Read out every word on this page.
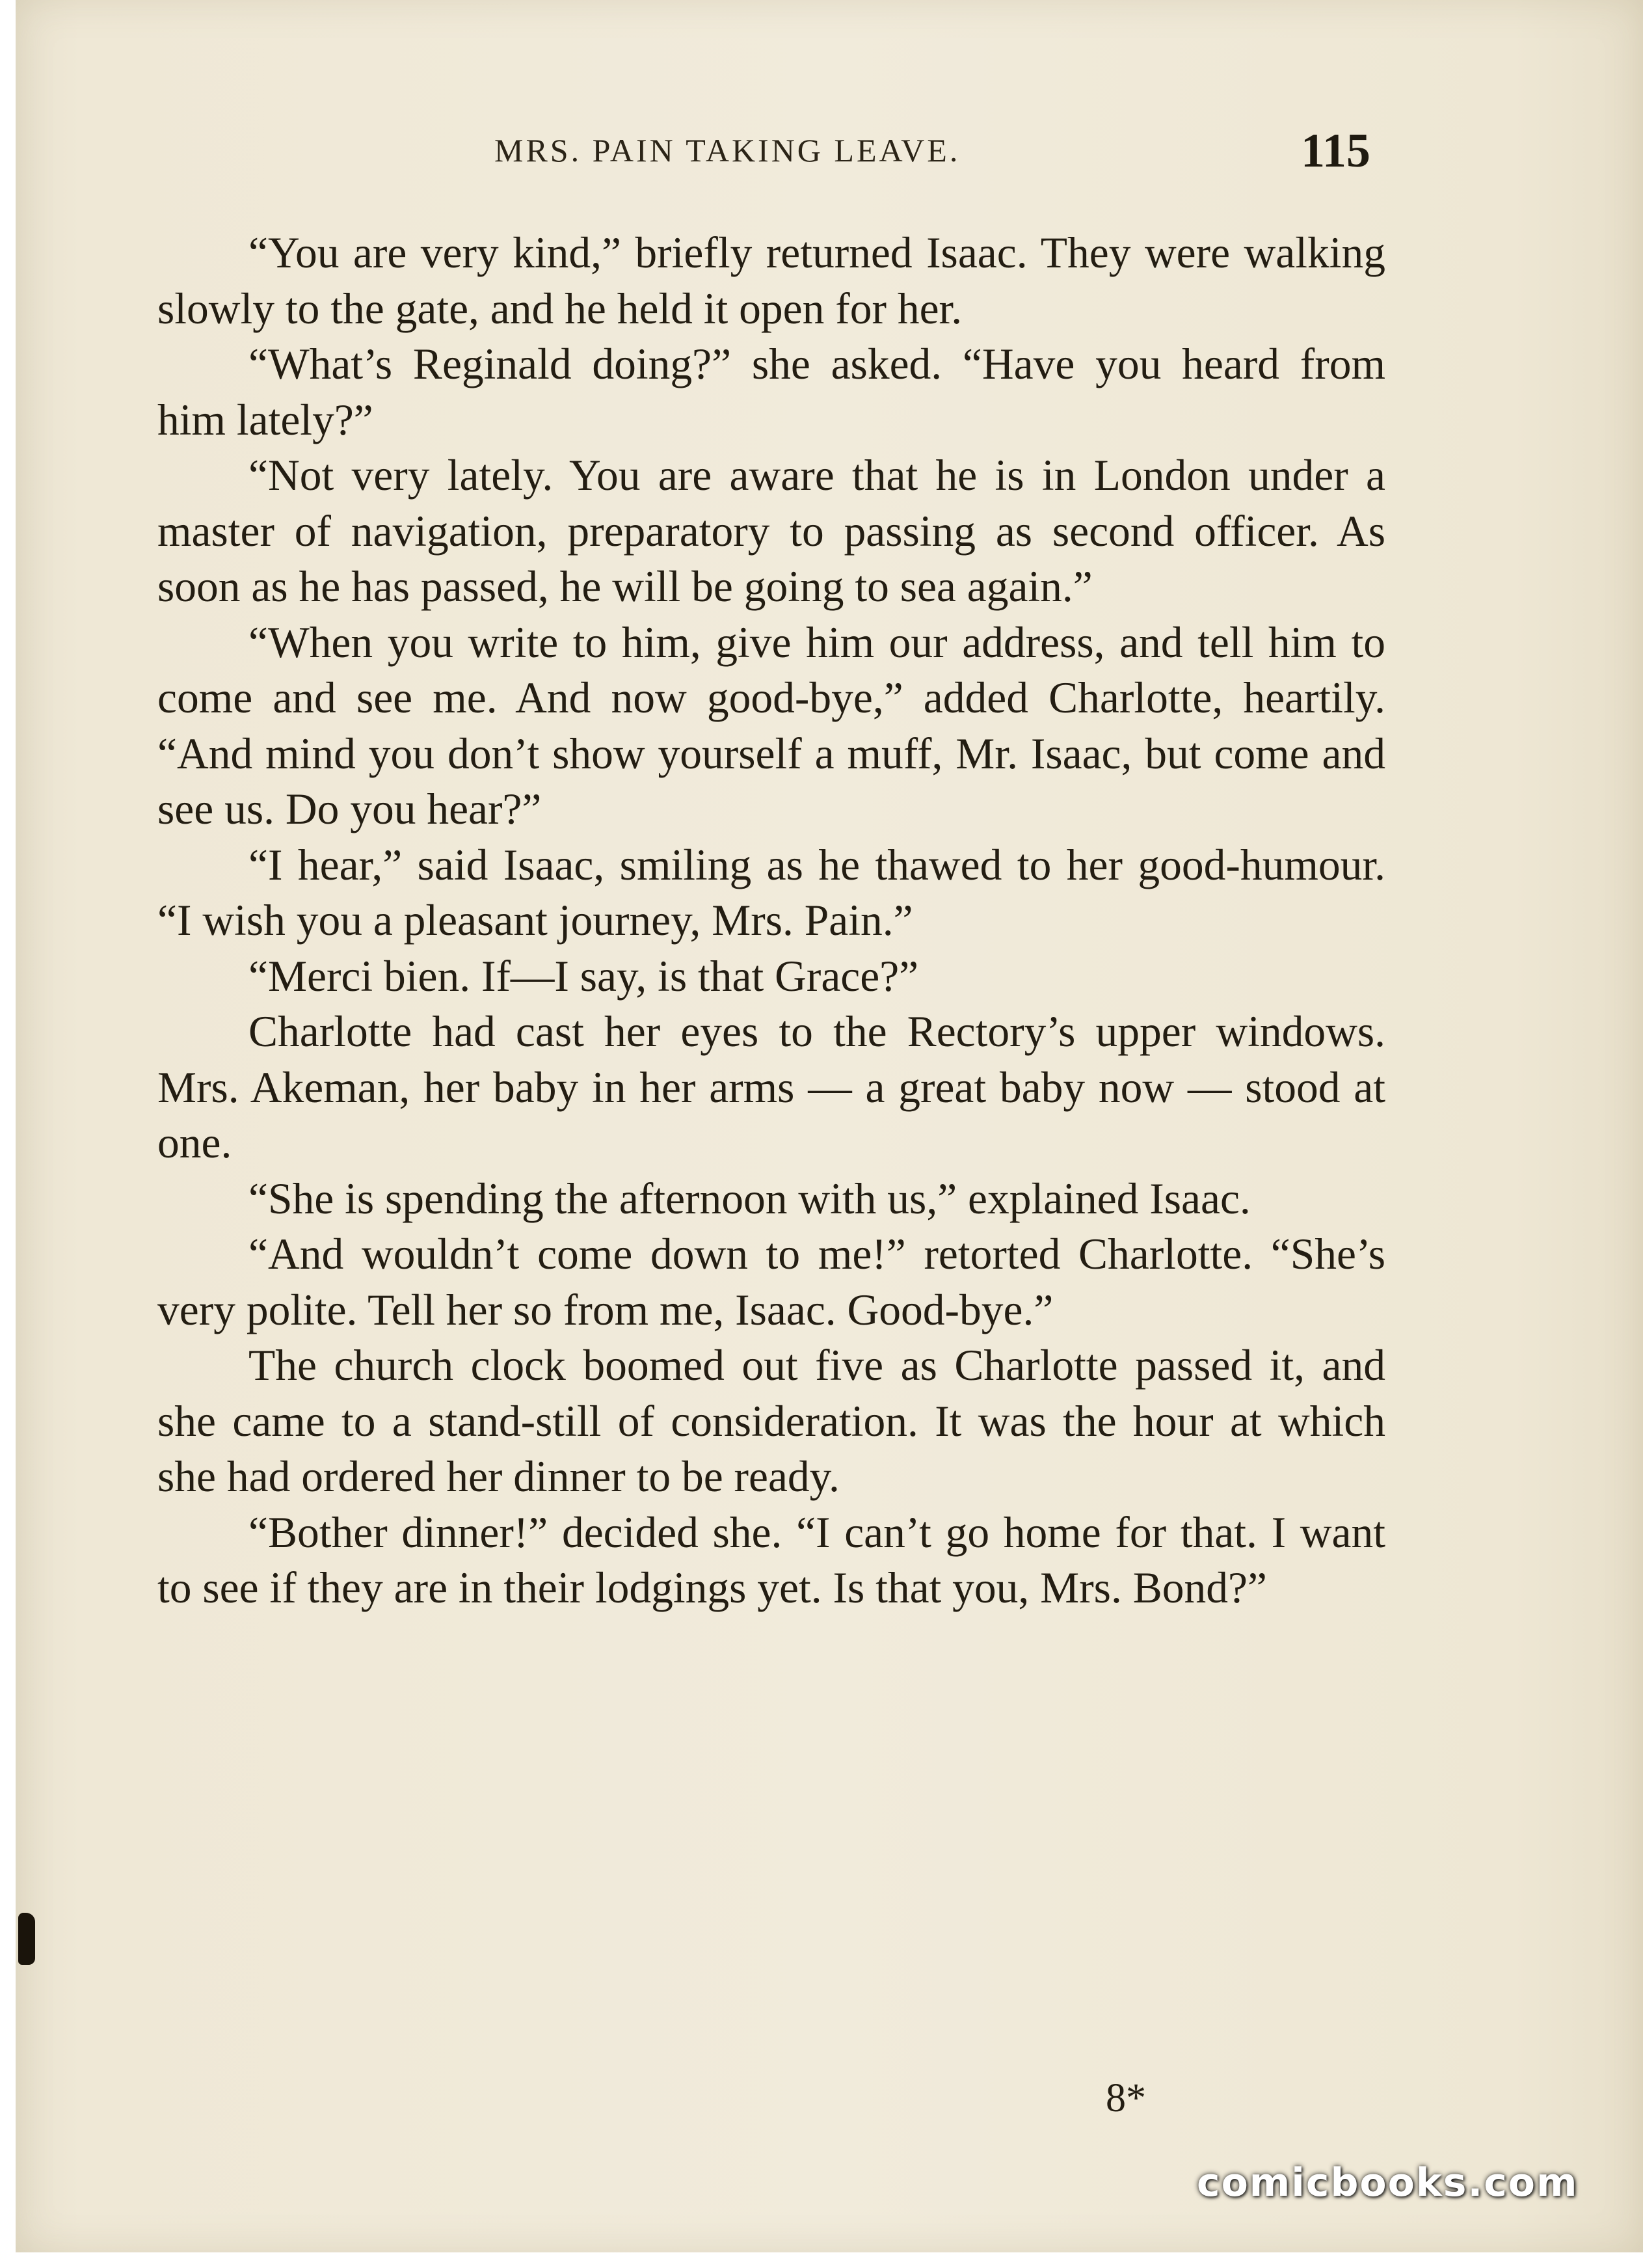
MRS. PAIN TAKING LEAVE.	115

“You are very kind,” briefly returned Isaac. They were walking slowly to the gate, and he held it open for her.

“What’s Reginald doing?” she asked. “Have you heard from him lately?”

“Not very lately. You are aware that he is in London under a master of navigation, preparatory to passing as second officer. As soon as he has passed, he will be going to sea again.”

“When you write to him, give him our address, and tell him to come and see me. And now good-bye,” added Charlotte, heartily. “And mind you don’t show yourself a muff, Mr. Isaac, but come and see us. Do you hear?”

“I hear,” said Isaac, smiling as he thawed to her good-humour. “I wish you a pleasant journey, Mrs. Pain.”

“Merci bien. If—I say, is that Grace?”

Charlotte had cast her eyes to the Rectory’s upper windows. Mrs. Akeman, her baby in her arms — a great baby now — stood at one.

“She is spending the afternoon with us,” explained Isaac.

“And wouldn’t come down to me!” retorted Charlotte. “She’s very polite. Tell her so from me, Isaac. Good-bye.”

The church clock boomed out five as Charlotte passed it, and she came to a stand-still of consideration. It was the hour at which she had ordered her dinner to be ready.

“Bother dinner!” decided she. “I can’t go home for that. I want to see if they are in their lodgings yet. Is that you, Mrs. Bond?”

8*
comicbooks.com
